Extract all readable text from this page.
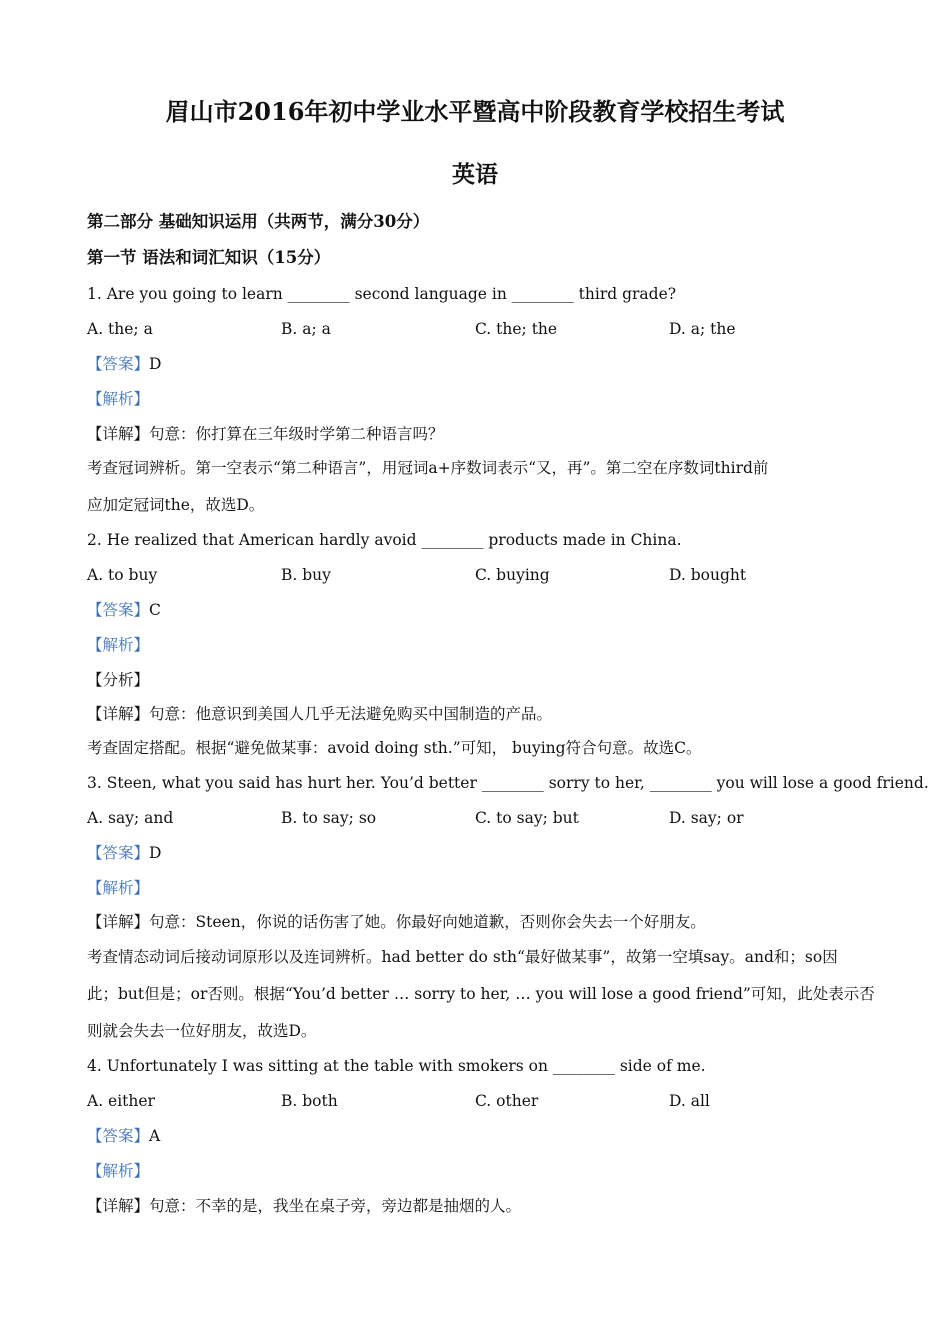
眉山市2016年初中学业水平暨高中阶段教育学校招生考试
英语
第二部分 基础知识运用（共两节，满分30分）
第一节 语法和词汇知识（15分）
1. Are you going to learn ________ second language in ________ third grade?
A. the; a	B. a; a	C. the; the	D. a; the
【答案】D
【解析】
【详解】句意：你打算在三年级时学第二种语言吗？
考查冠词辨析。第一空表示“第二种语言”，用冠词a+序数词表示“又，再”。第二空在序数词third前
应加定冠词the，故选D。
2. He realized that American hardly avoid ________ products made in China.
A. to buy	B. buy	C. buying	D. bought
【答案】C
【解析】
【分析】
【详解】句意：他意识到美国人几乎无法避免购买中国制造的产品。
考查固定搭配。根据“避免做某事：avoid doing sth.”可知， buying符合句意。故选C。
3. Steen, what you said has hurt her. You’d better ________ sorry to her, ________ you will lose a good friend.
A. say; and	B. to say; so	C. to say; but	D. say; or
【答案】D
【解析】
【详解】句意：Steen，你说的话伤害了她。你最好向她道歉，否则你会失去一个好朋友。
考查情态动词后接动词原形以及连词辨析。had better do sth“最好做某事”，故第一空填say。and和；so因
此；but但是；or否则。根据“You’d better … sorry to her, … you will lose a good friend”可知，此处表示否
则就会失去一位好朋友，故选D。
4. Unfortunately I was sitting at the table with smokers on ________ side of me.
A. either	B. both	C. other	D. all
【答案】A
【解析】
【详解】句意：不幸的是，我坐在桌子旁，旁边都是抽烟的人。
